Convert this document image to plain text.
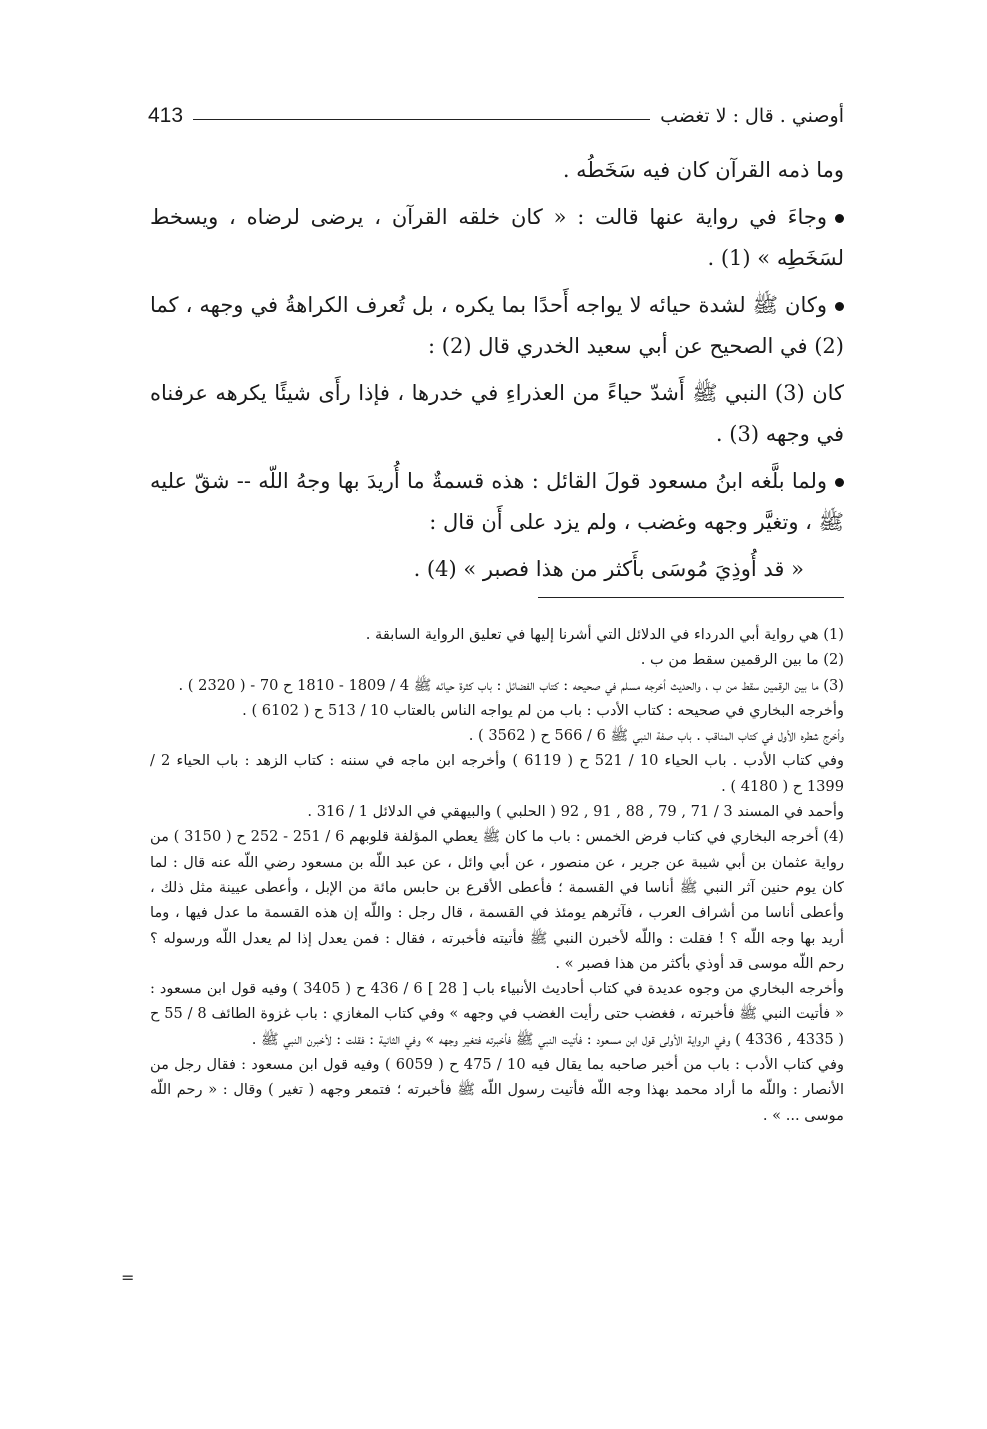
أوصني . قال : لا تغضب
413

وما ذمه القرآن كان فيه سَخَطُه .

وجاءَ في رواية عنها قالت : « كان خلقه القرآن ، يرضى لرضاه ، ويسخط لسَخَطِه » (1) .

وكان ﷺ لشدة حيائه لا يواجه أَحدًا بما يكره ، بل تُعرف الكراهةُ في وجهه ، كما (2) في الصحيح عن أبي سعيد الخدري قال (2) :

كان (3) النبي ﷺ أَشدّ حياءً من العذراءِ في خدرها ، فإذا رأَى شيئًا يكرهه عرفناه في وجهه (3) .

ولما بلَّغه ابنُ مسعود قولَ القائل : هذه قسمةٌ ما أُريدَ بها وجهُ اللّه -- شقّ عليه ﷺ ، وتغيَّر وجهه وغضب ، ولم يزد على أَن قال :

« قد أُوذِيَ مُوسَى بأَكثر من هذا فصبر » (4) .

(1) هي رواية أبي الدرداء في الدلائل التي أشرنا إليها في تعليق الرواية السابقة .

(2) ما بين الرقمين سقط من ب .

(3) ما بين الرقمين سقط من ب ، والحديث أخرجه مسلم في صحيحه : كتاب الفضائل : باب كثرة حيائه ﷺ 4 / 1809 - 1810 ح 70 - ( 2320 ) .

وأخرجه البخاري في صحيحه : كتاب الأدب : باب من لم يواجه الناس بالعتاب 10 / 513 ح ( 6102 ) .

وأخرج شطره الأول في كتاب المناقب . باب صفة النبي ﷺ 6 / 566 ح ( 3562 ) .

وفي كتاب الأدب . باب الحياء 10 / 521 ح ( 6119 ) وأخرجه ابن ماجه في سننه : كتاب الزهد : باب الحياء 2 / 1399 ح ( 4180 ) .

وأحمد في المسند 3 / 71 , 79 , 88 , 91 , 92 ( الحلبي ) والبيهقي في الدلائل 1 / 316 .

(4) أخرجه البخاري في كتاب فرض الخمس : باب ما كان ﷺ يعطي المؤلفة قلوبهم 6 / 251 - 252 ح ( 3150 ) من رواية عثمان بن أبي شيبة عن جرير ، عن منصور ، عن أبي وائل ، عن عبد اللّه بن مسعود رضي اللّه عنه قال : لما كان يوم حنين آثر النبي ﷺ أناسا في القسمة ؛ فأعطى الأقرع بن حابس مائة من الإبل ، وأعطى عيينة مثل ذلك ، وأعطى أناسا من أشراف العرب ، فآثرهم يومئذ في القسمة ، قال رجل : واللّه إن هذه القسمة ما عدل فيها ، وما أريد بها وجه اللّه ؟ ! فقلت : واللّه لأخبرن النبي ﷺ فأتيته فأخبرته ، فقال : فمن يعدل إذا لم يعدل اللّه ورسوله ؟ رحم اللّه موسى قد أوذي بأكثر من هذا فصبر » .

وأخرجه البخاري من وجوه عديدة في كتاب أحاديث الأنبياء باب [ 28 ] 6 / 436 ح ( 3405 ) وفيه قول ابن مسعود : « فأتيت النبي ﷺ فأخبرته ، فغضب حتى رأيت الغضب في وجهه » وفي كتاب المغازي : باب غزوة الطائف 8 / 55 ح ( 4335 , 4336 ) وفي الرواية الأولى قول ابن مسعود : فأتيت النبي ﷺ فأخبرته فتغير وجهه » وفي الثانية : فقلت : لأخبرن النبي ﷺ .

وفي كتاب الأدب : باب من أخبر صاحبه بما يقال فيه 10 / 475 ح ( 6059 ) وفيه قول ابن مسعود : فقال رجل من الأنصار : واللّه ما أراد محمد بهذا وجه اللّه فأتيت رسول اللّه ﷺ فأخبرته ؛ فتمعر وجهه ( تغير ) وقال : « رحم اللّه موسى ... » .

=
